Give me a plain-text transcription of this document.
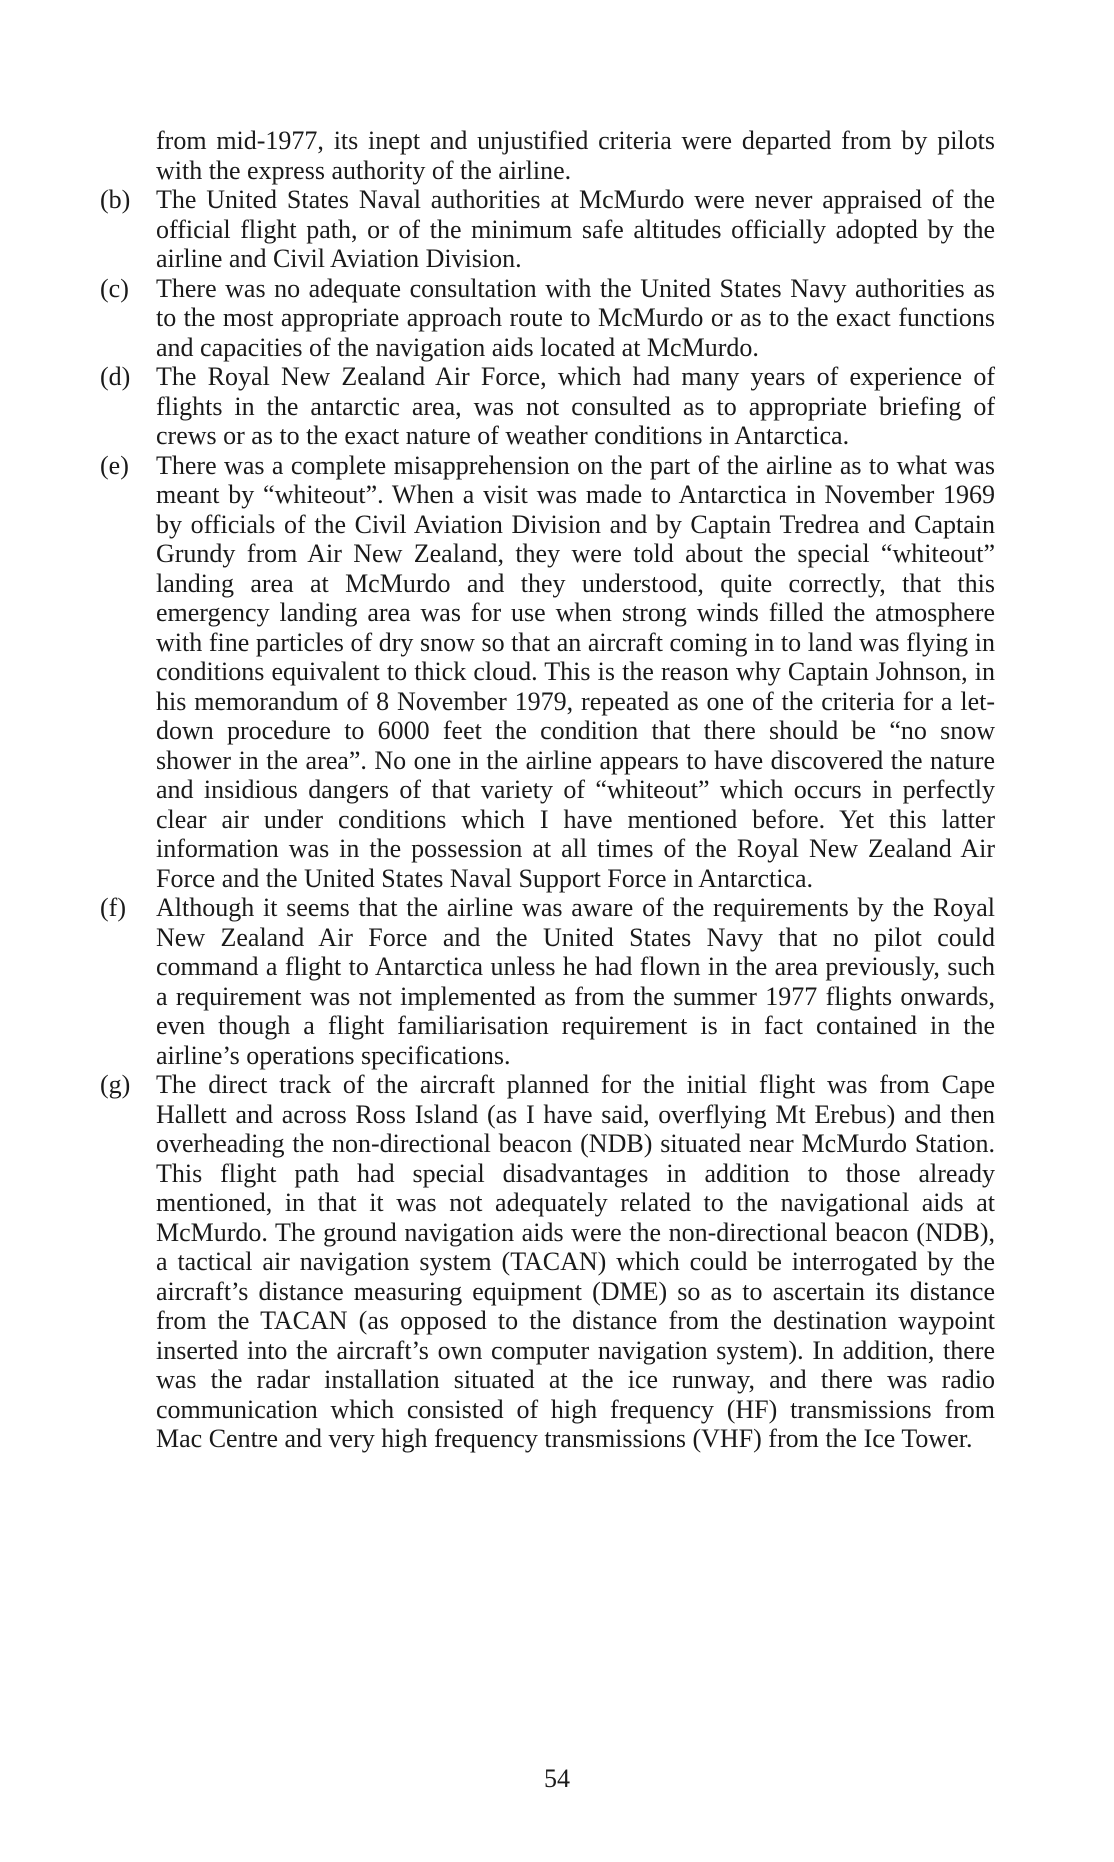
from mid-1977, its inept and unjustified criteria were departed from by pilots with the express authority of the airline.

(b) The United States Naval authorities at McMurdo were never appraised of the official flight path, or of the minimum safe altitudes officially adopted by the airline and Civil Aviation Division.

(c)	There was no adequate consultation with the United States Navy authorities as to the most appropriate approach route to McMurdo or as to the exact functions and capacities of the navigation aids located at McMurdo.

(d) The Royal New Zealand Air Force, which had many years of experience of flights in the antarctic area, was not consulted as to appropriate briefing of crews or as to the exact nature of weather conditions in Antarctica.

(e)	There was a complete misapprehension on the part of the airline as to what was meant by “whiteout”. When a visit was made to Antarctica in November 1969 by officials of the Civil Aviation Division and by Captain Tredrea and Captain Grundy from Air New Zealand, they were told about the special “whiteout” landing area at McMurdo and they understood, quite correctly, that this emergency landing area was for use when strong winds filled the atmosphere with fine particles of dry snow so that an aircraft coming in to land was flying in conditions equivalent to thick cloud. This is the reason why Captain Johnson, in his memorandum of 8 November 1979, repeated as one of the criteria for a let-down procedure to 6000 feet the condition that there should be “no snow shower in the area”. No one in the airline appears to have discovered the nature and insidious dangers of that variety of “whiteout” which occurs in perfectly clear air under conditions which I have mentioned before. Yet this latter information was in the possession at all times of the Royal New Zealand Air Force and the United States Naval Support Force in Antarctica.

(f)	Although it seems that the airline was aware of the requirements by the Royal New Zealand Air Force and the United States Navy that no pilot could command a flight to Antarctica unless he had flown in the area previously, such a requirement was not implemented as from the summer 1977 flights onwards, even though a flight familiarisation requirement is in fact contained in the airline’s operations specifications.

(g) The direct track of the aircraft planned for the initial flight was from Cape Hallett and across Ross Island (as I have said, overflying Mt Erebus) and then overheading the non-directional beacon (NDB) situated near McMurdo Station. This flight path had special disadvantages in addition to those already mentioned, in that it was not adequately related to the navigational aids at McMurdo. The ground navigation aids were the non-directional beacon (NDB), a tactical air navigation system (TACAN) which could be interrogated by the aircraft’s distance measuring equipment (DME) so as to ascertain its distance from the TACAN (as opposed to the distance from the destination waypoint inserted into the aircraft’s own computer navigation system). In addition, there was the radar installation situated at the ice runway, and there was radio communication which consisted of high frequency (HF) transmissions from Mac Centre and very high frequency transmissions (VHF) from the Ice Tower.

54
